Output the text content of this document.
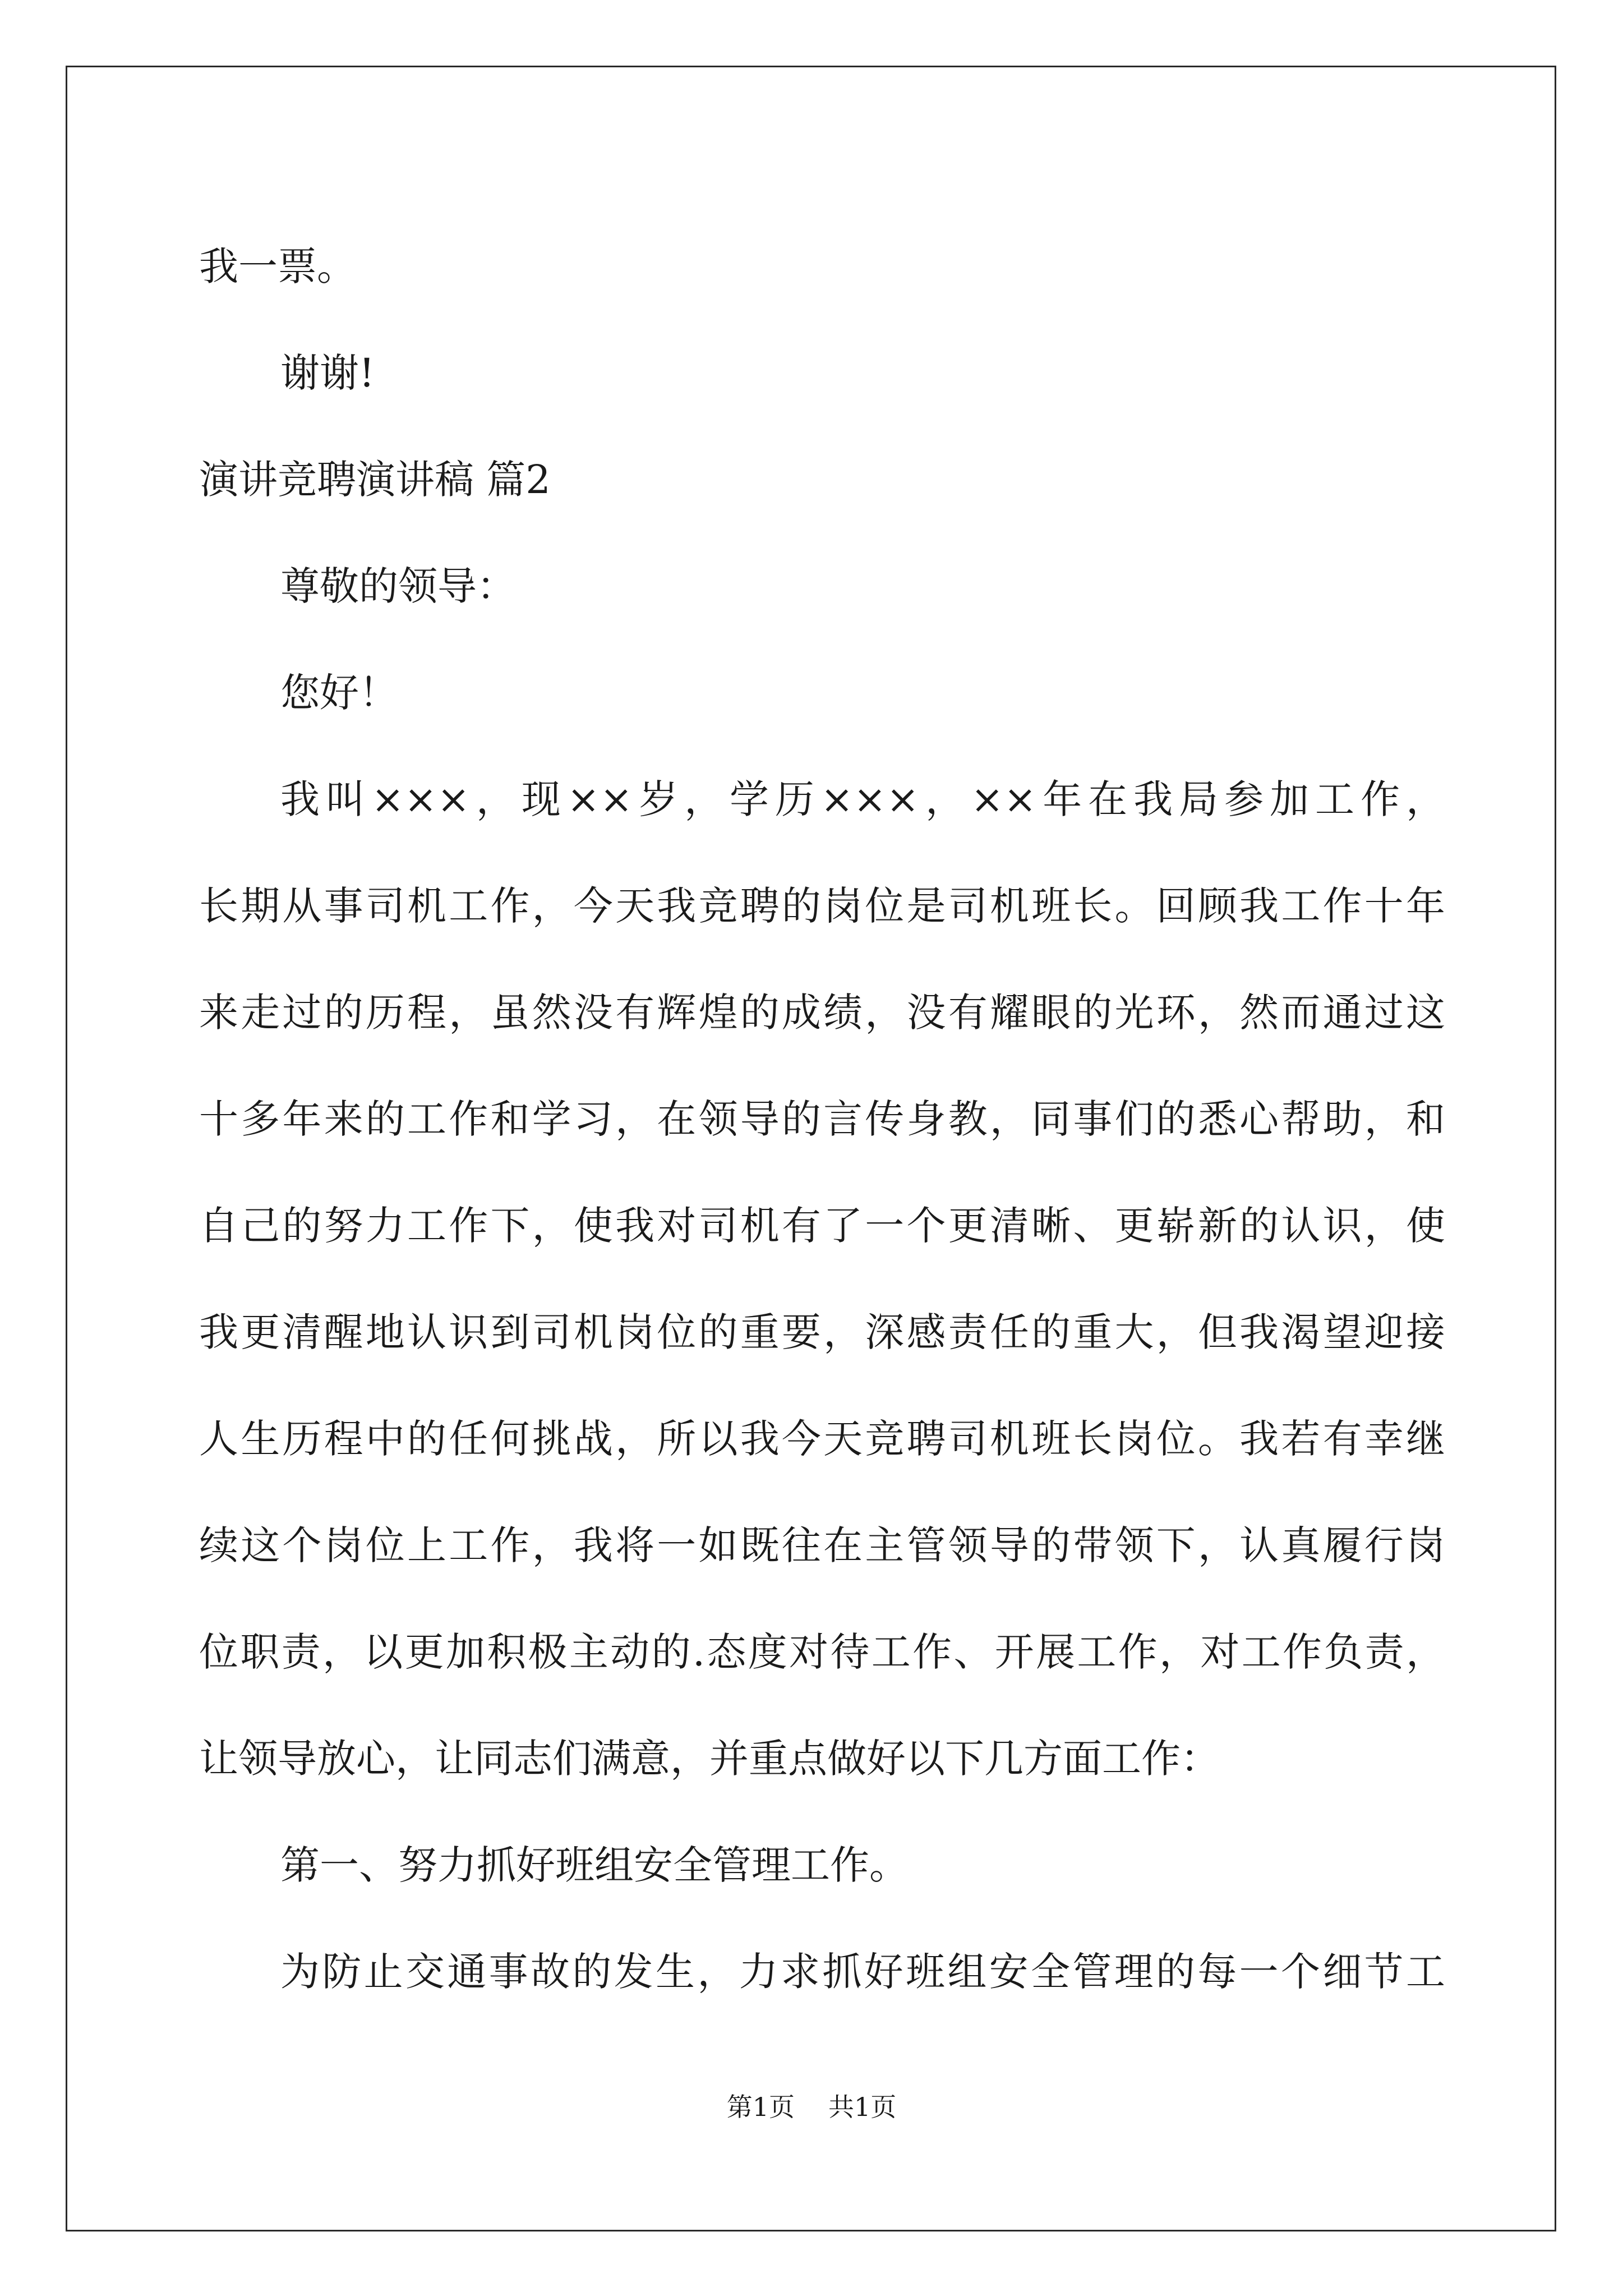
我一票。
谢谢!
演讲竞聘演讲稿 篇2
尊敬的领导：
您好！
我叫×××，现××岁，学历×××，××年在我局参加工作，
长期从事司机工作，今天我竞聘的岗位是司机班长。回顾我工作十年
来走过的历程，虽然没有辉煌的成绩，没有耀眼的光环，然而通过这
十多年来的工作和学习，在领导的言传身教，同事们的悉心帮助，和
自己的努力工作下，使我对司机有了一个更清晰、更崭新的认识，使
我更清醒地认识到司机岗位的重要，深感责任的重大，但我渴望迎接
人生历程中的任何挑战，所以我今天竞聘司机班长岗位。我若有幸继
续这个岗位上工作，我将一如既往在主管领导的带领下，认真履行岗
位职责，以更加积极主动的.态度对待工作、开展工作，对工作负责，
让领导放心，让同志们满意，并重点做好以下几方面工作：
第一、努力抓好班组安全管理工作。
为防止交通事故的发生，力求抓好班组安全管理的每一个细节工
第1页 共1页
